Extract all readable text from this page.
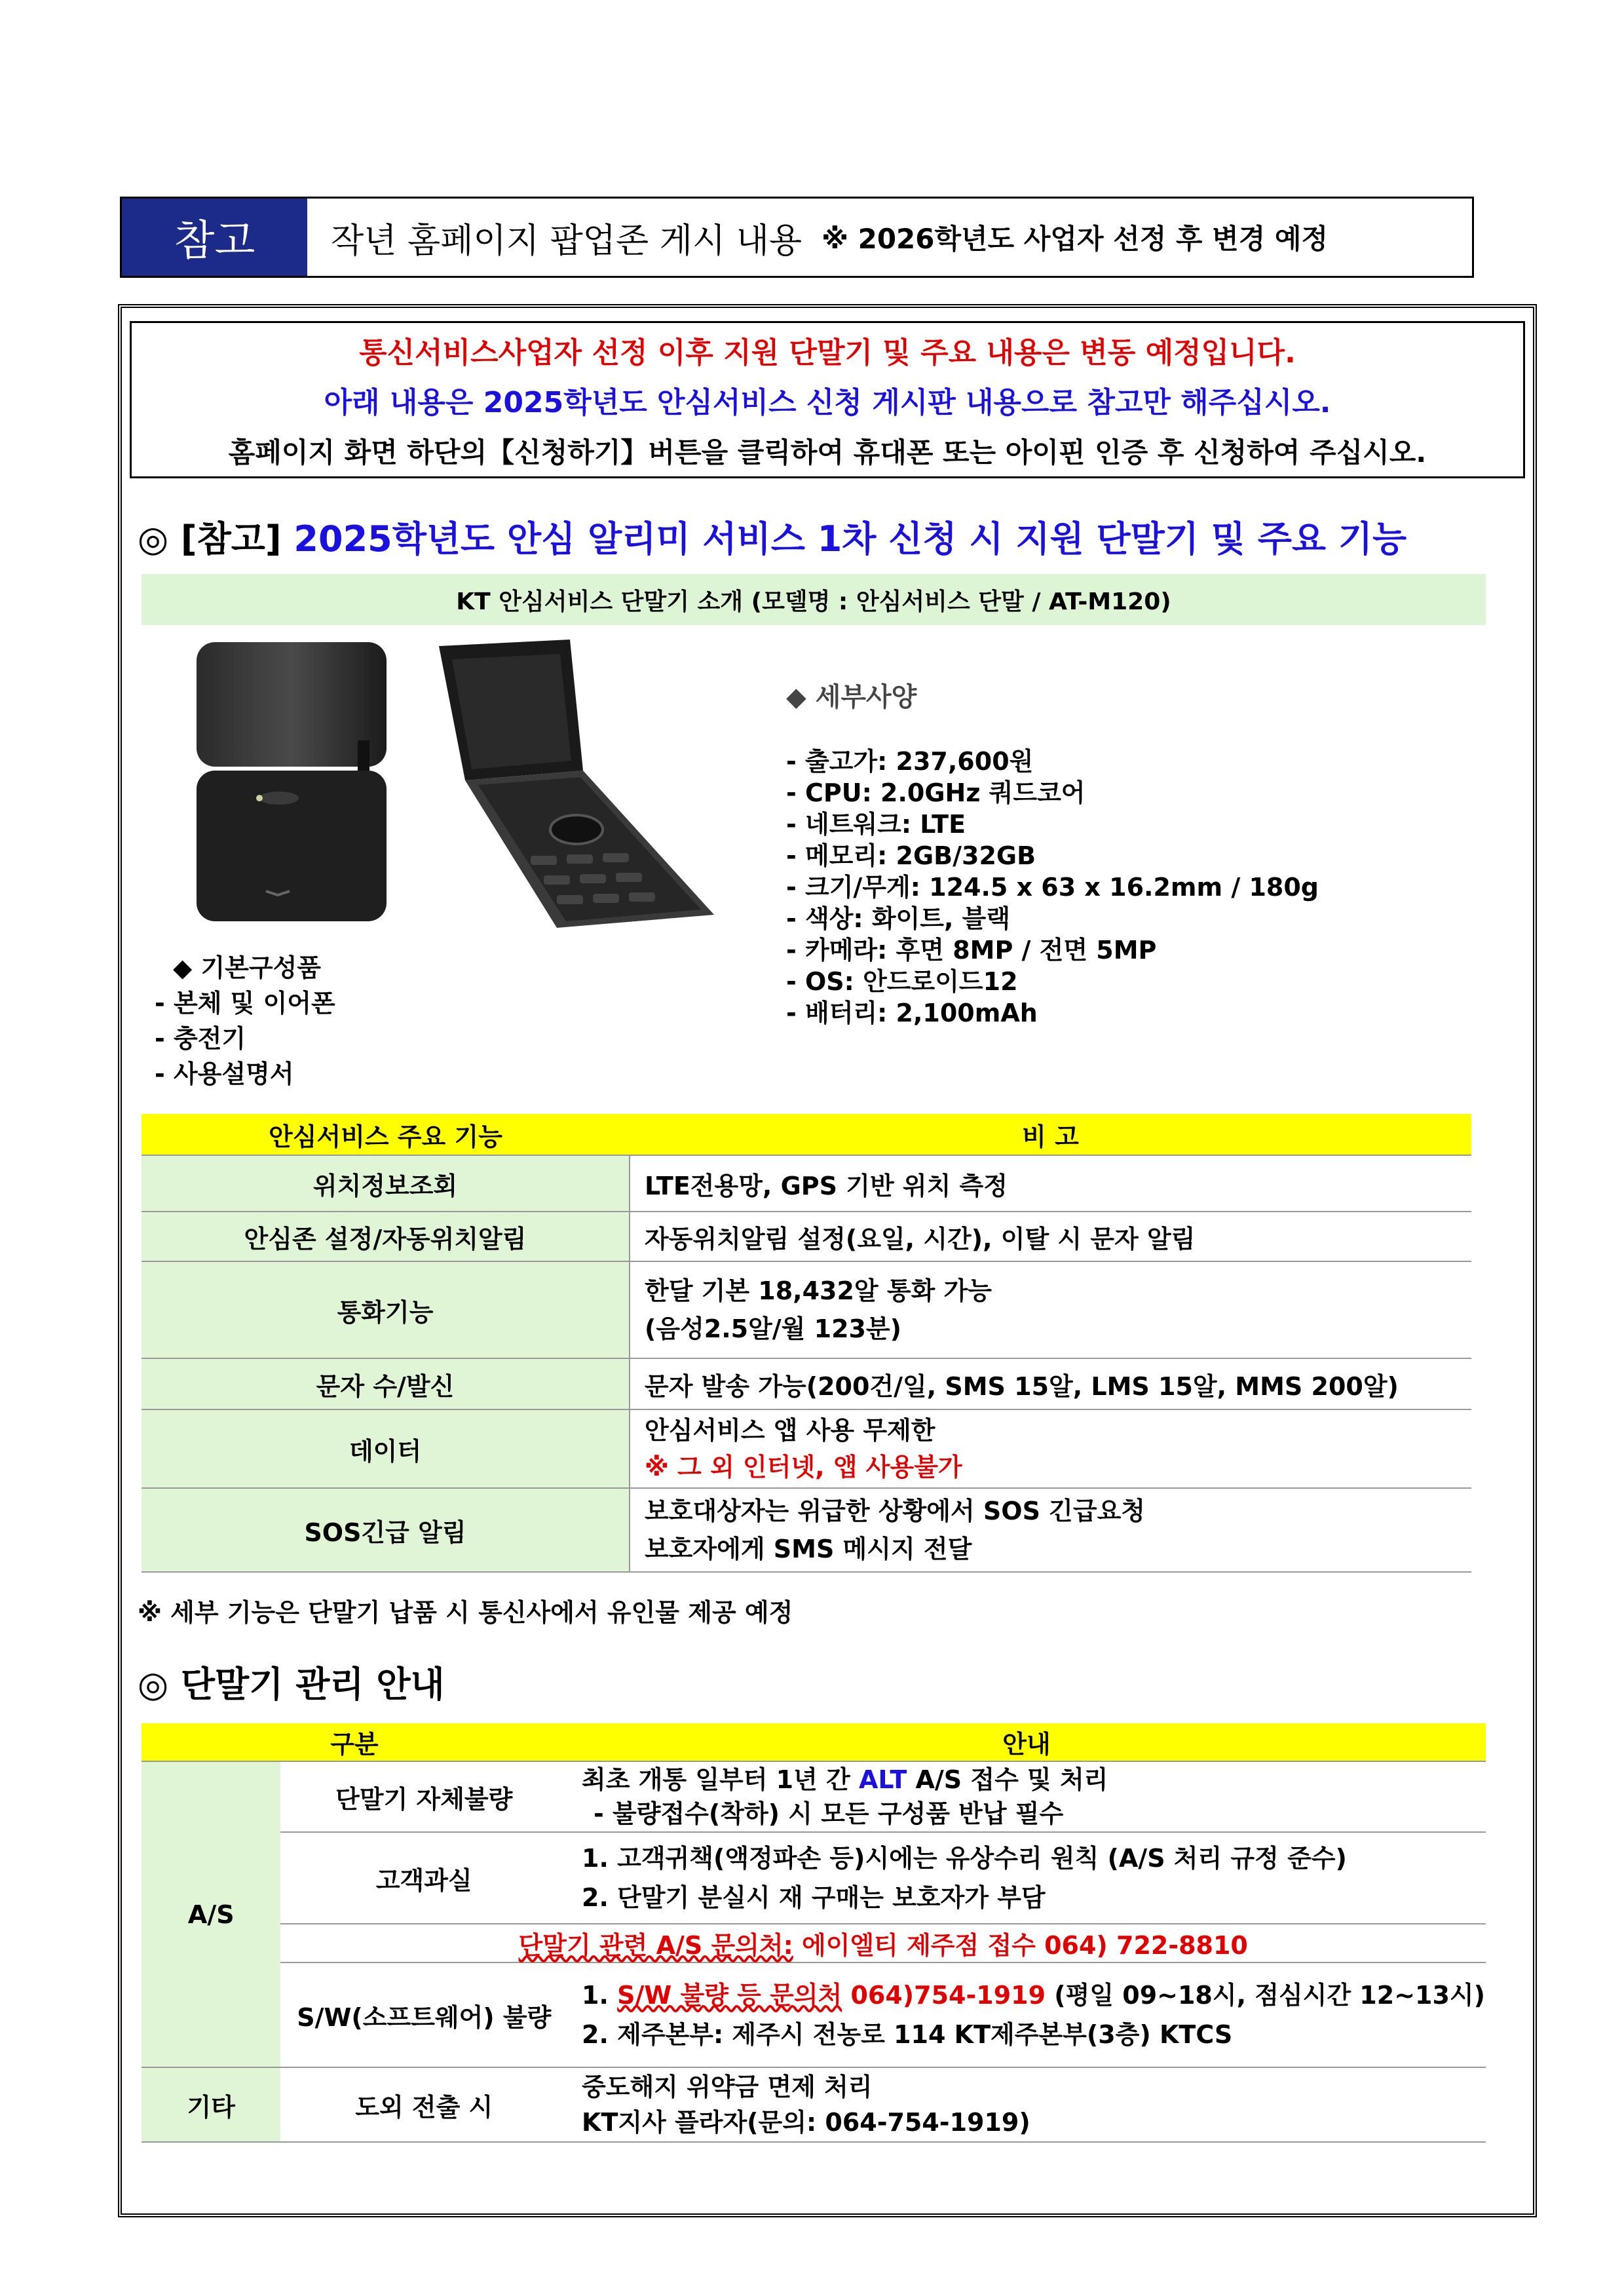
참고	작년 홈페이지 팝업존 게시 내용 ※ 2026학년도 사업자 선정 후 변경 예정
통신서비스사업자 선정 이후 지원 단말기 및 주요 내용은 변동 예정입니다.
아래 내용은 2025학년도 안심서비스 신청 게시판 내용으로 참고만 해주십시오.
홈페이지 화면 하단의【신청하기】버튼을 클릭하여 휴대폰 또는 아이핀 인증 후 신청하여 주십시오.
◎ [참고] 2025학년도 안심 알리미 서비스 1차 신청 시 지원 단말기 및 주요 기능
KT 안심서비스 단말기 소개 (모델명 : 안심서비스 단말 / AT-M120)
◆ 세부사양
- 출고가: 237,600원
- CPU: 2.0GHz 쿼드코어
- 네트워크: LTE
- 메모리: 2GB/32GB
- 크기/무게: 124.5 x 63 x 16.2mm / 180g
- 색상: 화이트, 블랙
- 카메라: 후면 8MP / 전면 5MP
- OS: 안드로이드12
- 배터리: 2,100mAh
◆ 기본구성품
- 본체 및 이어폰
- 충전기
- 사용설명서
안심서비스 주요 기능	비 고
위치정보조회	LTE전용망, GPS 기반 위치 측정
안심존 설정/자동위치알림	자동위치알림 설정(요일, 시간), 이탈 시 문자 알림
통화기능	한달 기본 18,432알 통화 가능
(음성2.5알/월 123분)

문자 수/발신	문자 발송 가능(200건/일, SMS 15알, LMS 15알, MMS 200알)
데이터	안심서비스 앱 사용 무제한
※ 그 외 인터넷, 앱 사용불가

SOS긴급 알림	보호대상자는 위급한 상황에서 SOS 긴급요청
보호자에게 SMS 메시지 전달
※ 세부 기능은 단말기 납품 시 통신사에서 유인물 제공 예정
◎ 단말기 관리 안내
구분		안내
A/S	단말기 자체불량	최초 개통 일부터 1년 간 ALT A/S 접수 및 처리
- 불량접수(착하) 시 모든 구성품 반납 필수

	고객과실	1. 고객귀책(액정파손 등)시에는 유상수리 원칙 (A/S 처리 규정 준수)
2. 단말기 분실시 재 구매는 보호자가 부담

	단말기 관련 A/S 문의처: 에이엘티 제주점 접수 064) 722-8810	
	S/W(소프트웨어) 불량	1. S/W 불량 등 문의처 064)754-1919 (평일 09~18시, 점심시간 12~13시)
2. 제주본부: 제주시 전농로 114 KT제주본부(3층) KTCS

기타	도외 전출 시	중도해지 위약금 면제 처리
KT지사 플라자(문의: 064-754-1919)
